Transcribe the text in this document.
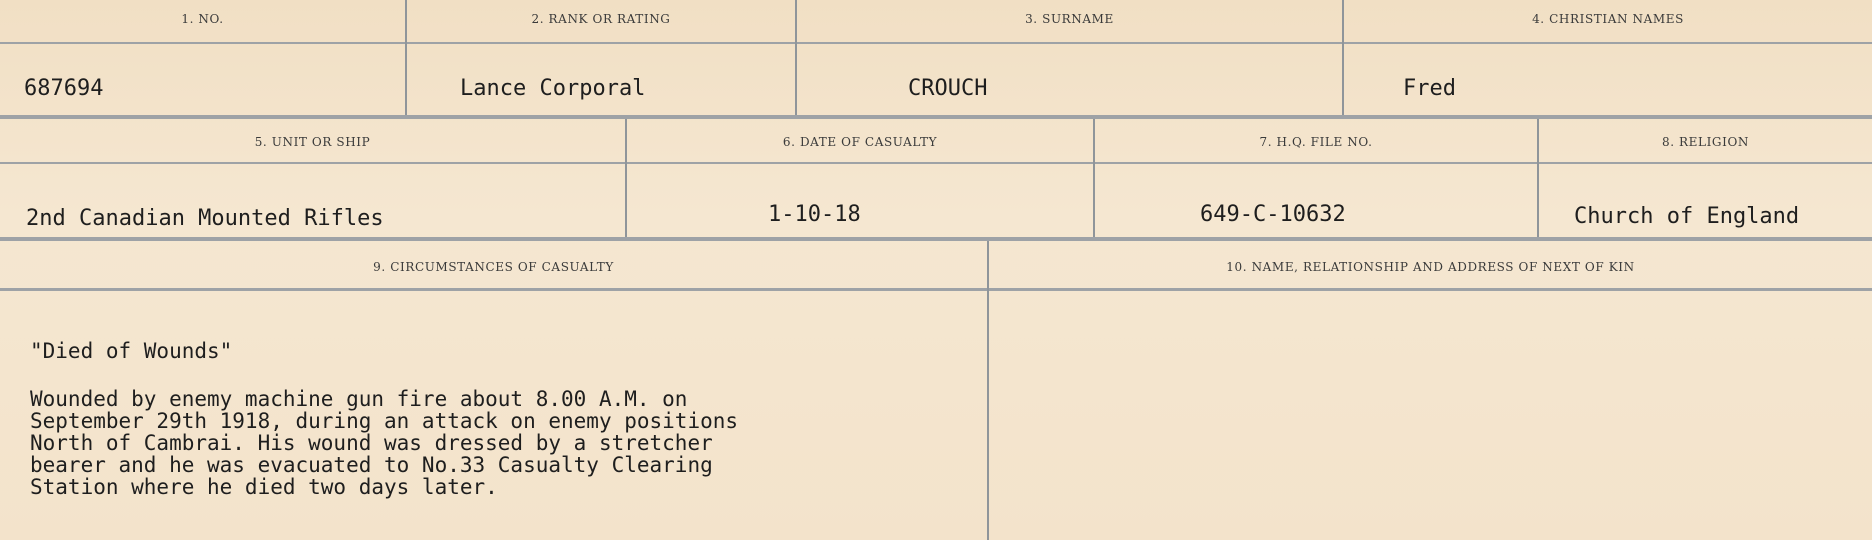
1. NO.	2. RANK OR RATING	3. SURNAME	4. CHRISTIAN NAMES
687694	Lance Corporal	CROUCH	Fred
5. UNIT OR SHIP	6. DATE OF CASUALTY	7. H.Q. FILE NO.	8. RELIGION
2nd Canadian Mounted Rifles	1-10-18	649-C-10632	Church of England
9. CIRCUMSTANCES OF CASUALTY	10. NAME, RELATIONSHIP AND ADDRESS OF NEXT OF KIN
"Died of Wounds"
Wounded by enemy machine gun fire about 8.00 A.M. on
September 29th 1918, during an attack on enemy positions
North of Cambrai. His wound was dressed by a stretcher
bearer and he was evacuated to No.33 Casualty Clearing
Station where he died two days later.
